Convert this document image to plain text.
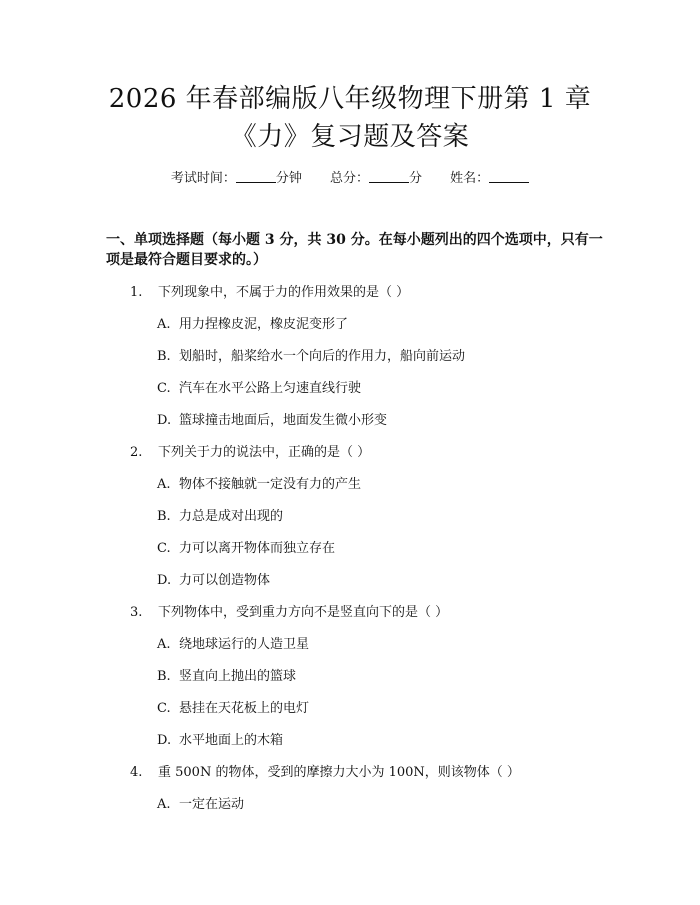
2026 年春部编版八年级物理下册第 1 章
《力》复习题及答案
考试时间：	分钟 总分：	分 姓名：
一、单项选择题（每小题 3 分，共 30 分。在每小题列出的四个选项中，只有一项是最符合题目要求的。）
1. 下列现象中，不属于力的作用效果的是（ ）
A. 用力捏橡皮泥，橡皮泥变形了
B. 划船时，船桨给水一个向后的作用力，船向前运动
C. 汽车在水平公路上匀速直线行驶
D. 篮球撞击地面后，地面发生微小形变
2. 下列关于力的说法中，正确的是（ ）
A. 物体不接触就一定没有力的产生
B. 力总是成对出现的
C. 力可以离开物体而独立存在
D. 力可以创造物体
3. 下列物体中，受到重力方向不是竖直向下的是（ ）
A. 绕地球运行的人造卫星
B. 竖直向上抛出的篮球
C. 悬挂在天花板上的电灯
D. 水平地面上的木箱
4. 重 500N 的物体，受到的摩擦力大小为 100N，则该物体（ ）
A. 一定在运动
